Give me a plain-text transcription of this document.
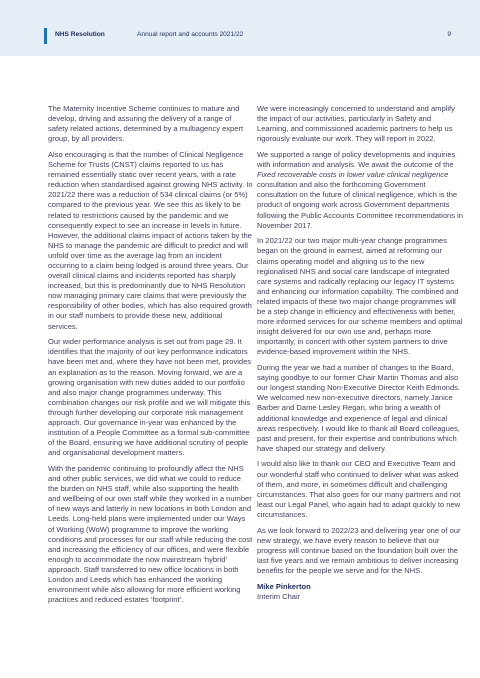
NHS Resolution	Annual report and accounts 2021/22	9

The Maternity Incentive Scheme continues to mature and develop, driving and assuring the delivery of a range of safety related actions, determined by a multiagency expert group, by all providers.

Also encouraging is that the number of Clinical Negligence Scheme for Trusts (CNST) claims reported to us has remained essentially static over recent years, with a rate reduction when standardised against growing NHS activity. In 2021/22 there was a reduction of 534 clinical claims (or 5%) compared to the previous year. We see this as likely to be related to restrictions caused by the pandemic and we consequently expect to see an increase in levels in future. However, the additional claims impact of actions taken by the NHS to manage the pandemic are difficult to predict and will unfold over time as the average lag from an incident occurring to a claim being lodged is around three years. Our overall clinical claims and incidents reported has sharply increased, but this is predominantly due to NHS Resolution now managing primary care claims that were previously the responsibility of other bodies, which has also required growth in our staff numbers to provide these new, additional services.

Our wider performance analysis is set out from page 29. It identifies that the majority of our key performance indicators have been met and, where they have not been met, provides an explanation as to the reason. Moving forward, we are a growing organisation with new duties added to our portfolio and also major change programmes underway. This combination changes our risk profile and we will mitigate this through further developing our corporate risk management approach. Our governance in-year was enhanced by the institution of a People Committee as a formal sub-committee of the Board, ensuring we have additional scrutiny of people and organisational development matters.

With the pandemic continuing to profoundly affect the NHS and other public services, we did what we could to reduce the burden on NHS staff, while also supporting the health and wellbeing of our own staff while they worked in a number of new ways and latterly in new locations in both London and Leeds. Long-held plans were implemented under our Ways of Working (WoW) programme to improve the working conditions and processes for our staff while reducing the cost and increasing the efficiency of our offices, and were flexible enough to accommodate the now mainstream ‘hybrid’ approach. Staff transferred to new office locations in both London and Leeds which has enhanced the working environment while also allowing for more efficient working practices and reduced estates ‘footprint’.

We were increasingly concerned to understand and amplify the impact of our activities, particularly in Safety and Learning, and commissioned academic partners to help us rigorously evaluate our work. They will report in 2022.

We supported a range of policy developments and inquiries with information and analysis. We await the outcome of the Fixed recoverable costs in lower value clinical negligence consultation and also the forthcoming Government consultation on the future of clinical negligence, which is the product of ongoing work across Government departments following the Public Accounts Committee recommendations in November 2017.

In 2021/22 our two major multi-year change programmes began on the ground in earnest, aimed at reforming our claims operating model and aligning us to the new regionalised NHS and social care landscape of integrated care systems and radically replacing our legacy IT systems and enhancing our information capability. The combined and related impacts of these two major change programmes will be a step change in efficiency and effectiveness with better, more informed services for our scheme members and optimal insight delivered for our own use and, perhaps more importantly, in concert with other system partners to drive evidence-based improvement within the NHS.

During the year we had a number of changes to the Board, saying goodbye to our former Chair Martin Thomas and also our longest standing Non-Executive Director Keith Edmonds. We welcomed new non-executive directors, namely Janice Barber and Dame Lesley Regan, who bring a wealth of additional knowledge and experience of legal and clinical areas respectively. I would like to thank all Board colleagues, past and present, for their expertise and contributions which have shaped our strategy and delivery.

I would also like to thank our CEO and Executive Team and our wonderful staff who continued to deliver what was asked of them, and more, in sometimes difficult and challenging circumstances. That also goes for our many partners and not least our Legal Panel, who again had to adapt quickly to new circumstances.

As we look forward to 2022/23 and delivering year one of our new strategy, we have every reason to believe that our progress will continue based on the foundation built over the last five years and we remain ambitious to deliver increasing benefits for the people we serve and for the NHS.

Mike Pinkerton

Interim Chair
